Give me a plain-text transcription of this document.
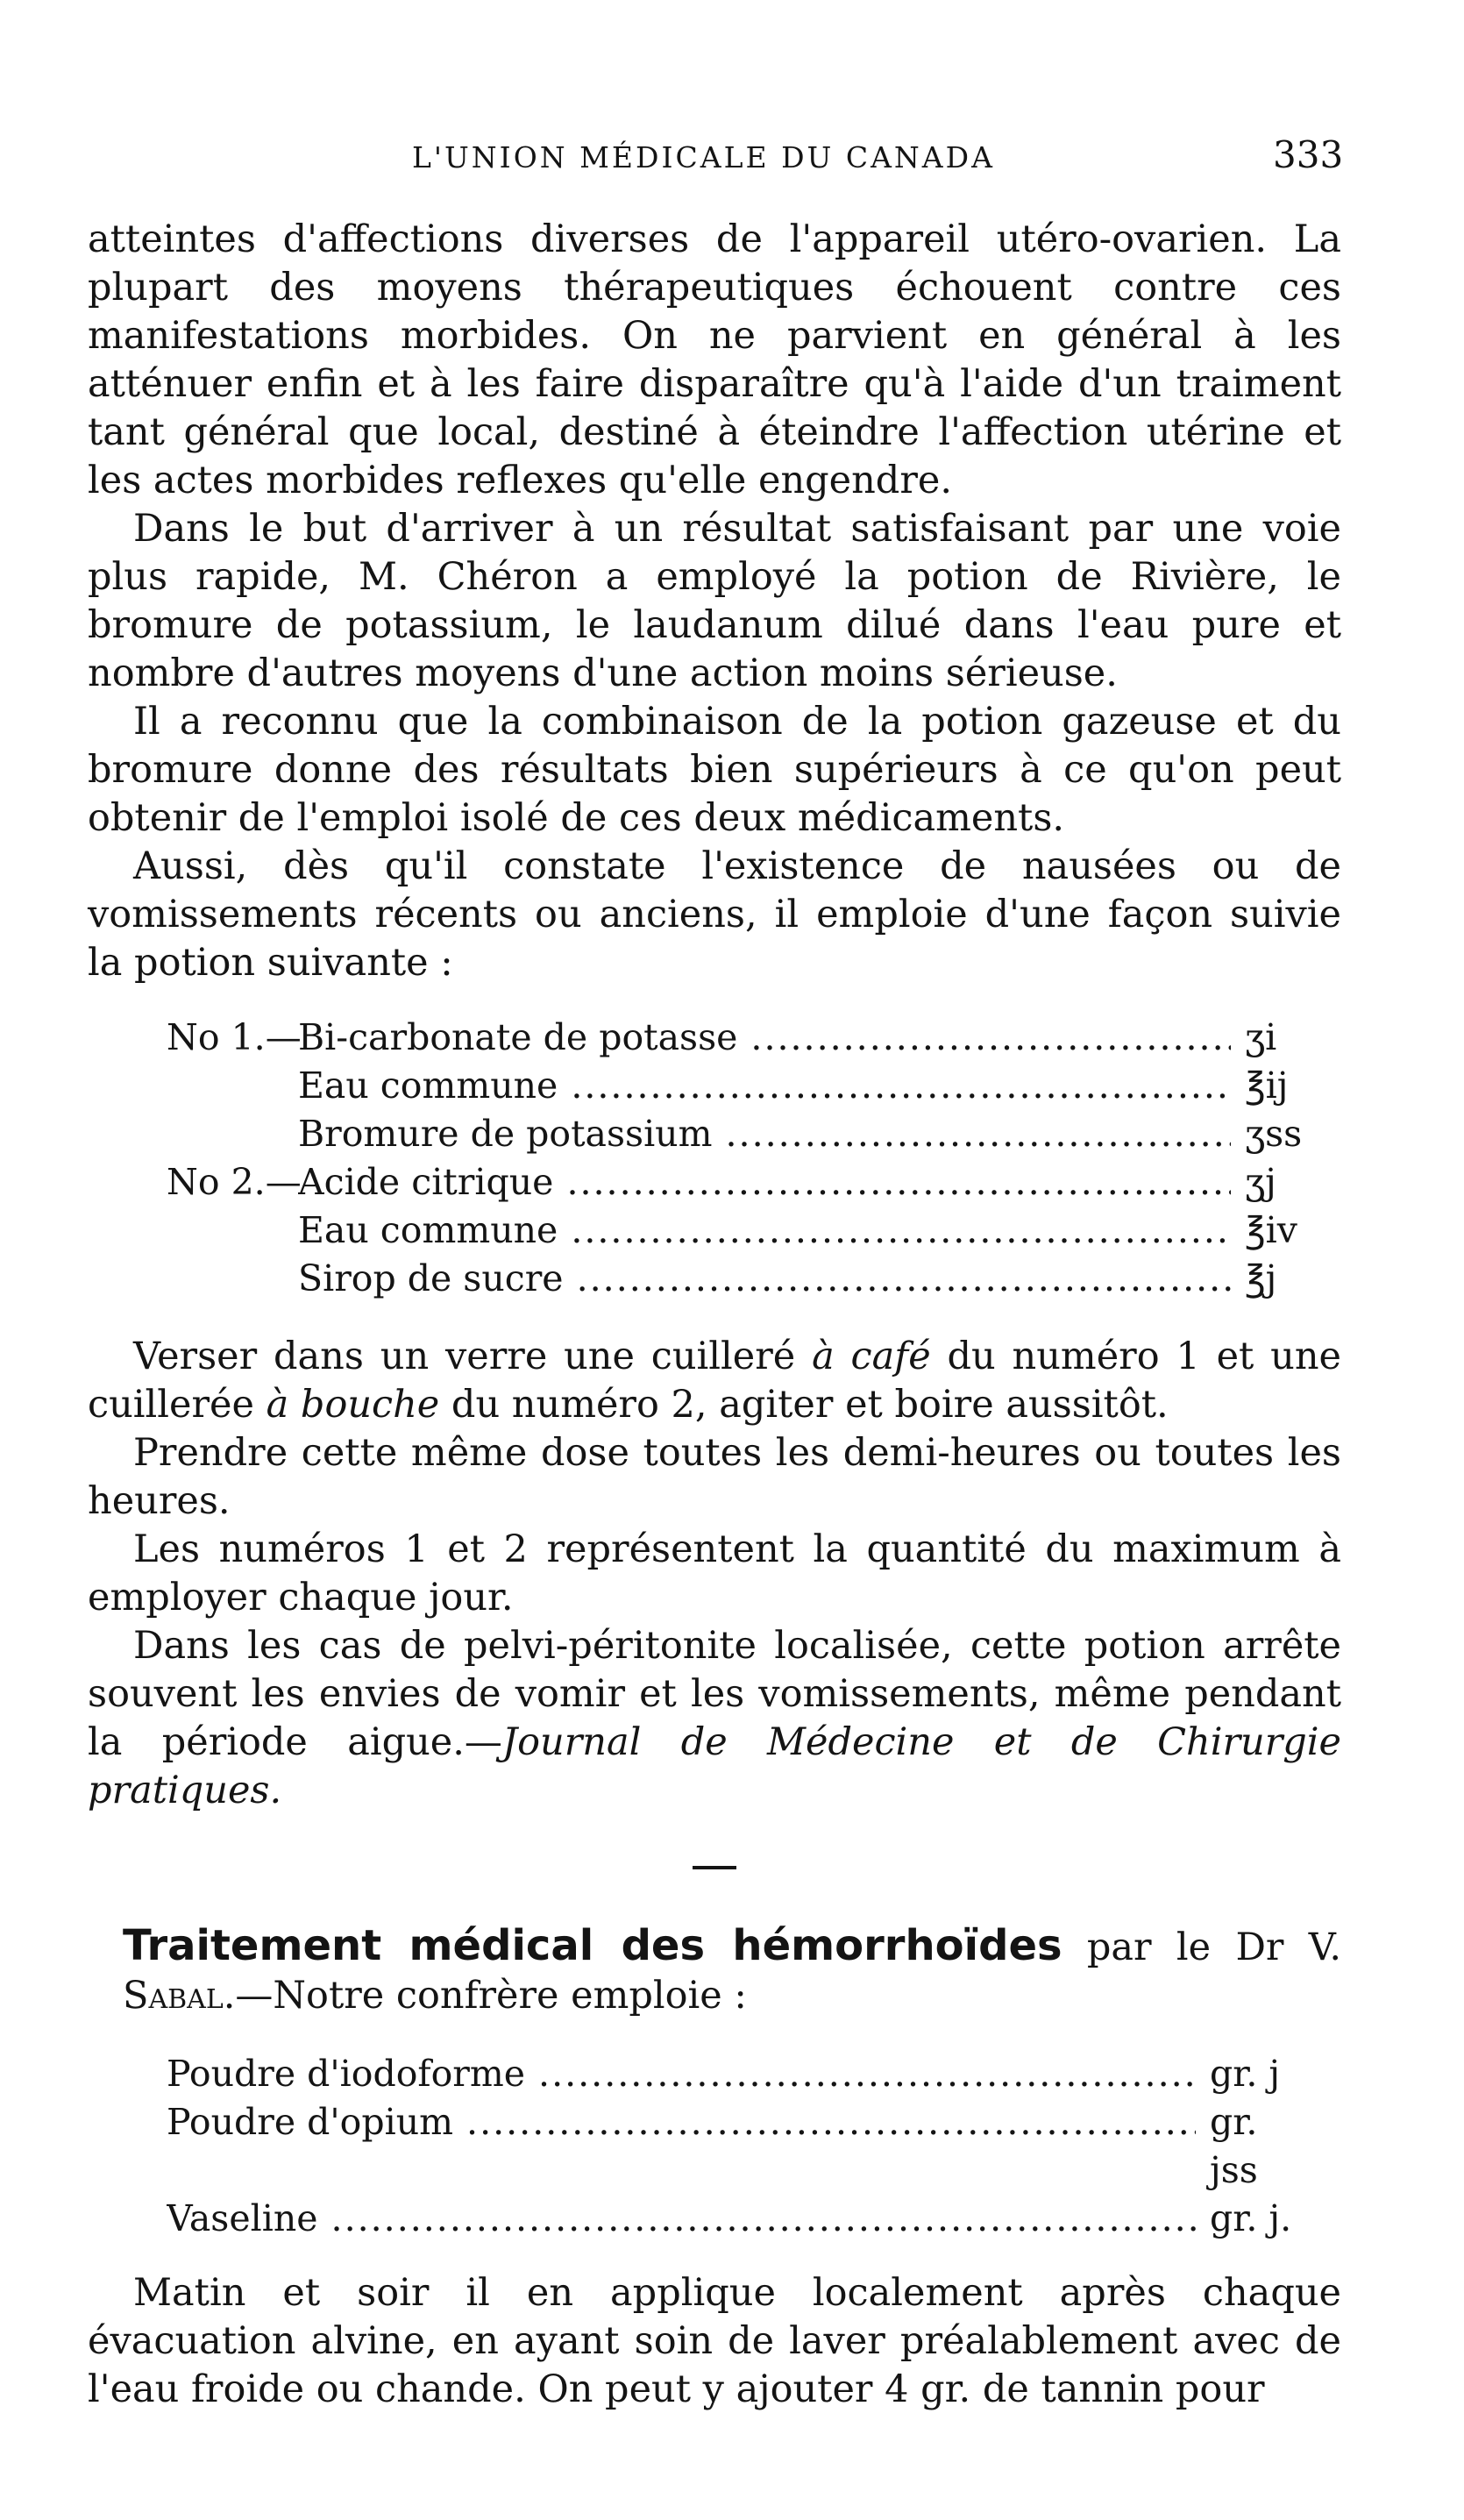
L'UNION MÉDICALE DU CANADA	333

atteintes d'affections diverses de l'appareil utéro-ovarien. La plupart des moyens thérapeutiques échouent contre ces manifestations morbides. On ne parvient en général à les atténuer enfin et à les faire disparaître qu'à l'aide d'un traiment tant général que local, destiné à éteindre l'affection utérine et les actes morbides reflexes qu'elle engendre.

Dans le but d'arriver à un résultat satisfaisant par une voie plus rapide, M. Chéron a employé la potion de Rivière, le bromure de potassium, le laudanum dilué dans l'eau pure et nombre d'autres moyens d'une action moins sérieuse.

Il a reconnu que la combinaison de la potion gazeuse et du bromure donne des résultats bien supérieurs à ce qu'on peut obtenir de l'emploi isolé de ces deux médicaments.

Aussi, dès qu'il constate l'existence de nausées ou de vomissements récents ou anciens, il emploie d'une façon suivie la potion suivante :

No 1.—
Bi-carbonate de potasse .....	ʒi
Eau commune .....	℥ij
Bromure de potassium .....	ʒss
No 2.—
Acide citrique .....	ʒj
Eau commune .....	℥iv
Sirop de sucre .....	℥j

Verser dans un verre une cuilleré à café du numéro 1 et une cuillerée à bouche du numéro 2, agiter et boire aussitôt.

Prendre cette même dose toutes les demi-heures ou toutes les heures.

Les numéros 1 et 2 représentent la quantité du maximum à employer chaque jour.

Dans les cas de pelvi-péritonite localisée, cette potion arrête souvent les envies de vomir et les vomissements, même pendant la période aigue.—Journal de Médecine et de Chirurgie pratiques.

Traitement médical des hémorrhoïdes par le Dr V. Sabal.—Notre confrère emploie :

Poudre d'iodoforme .....	gr. j
Poudre d'opium .....	gr. jss
Vaseline .....	gr. j.

Matin et soir il en applique localement après chaque évacuation alvine, en ayant soin de laver préalablement avec de l'eau froide ou chande. On peut y ajouter 4 gr. de tannin pour
